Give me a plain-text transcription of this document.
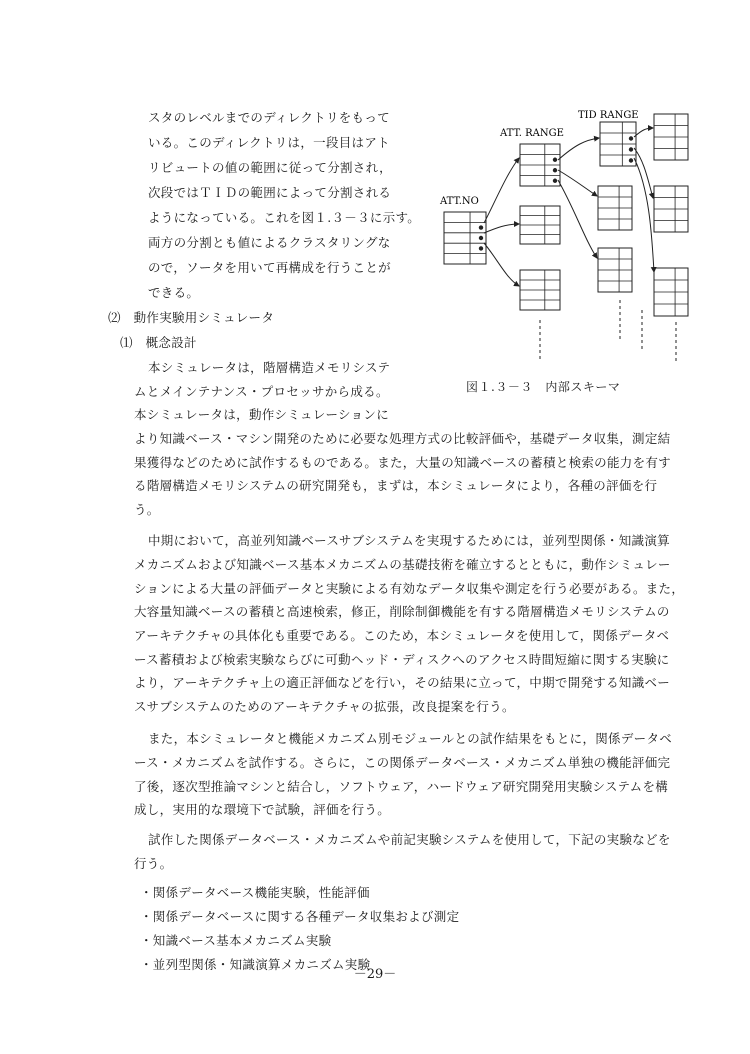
スタのレベルまでのディレクトリをもって
いる。このディレクトリは，一段目はアト
リビュートの値の範囲に従って分割され，
次段ではＴＩＤの範囲によって分割される
ようになっている。これを図１.３－３に示す。
両方の分割とも値によるクラスタリングな
ので，ソータを用いて再構成を行うことが
できる。
⑵　動作実験用シミュレータ
⑴　概念設計
本シミュレータは，階層構造メモリシステ
ムとメインテナンス・プロセッサから成る。
本シミュレータは，動作シミュレーションに
より知識ベース・マシン開発のために必要な処理方式の比較評価や，基礎データ収集，測定結
果獲得などのために試作するものである。また，大量の知識ベースの蓄積と検索の能力を有す
る階層構造メモリシステムの研究開発も，まずは，本シミュレータにより，各種の評価を行
う。
中期において，高並列知識ベースサブシステムを実現するためには，並列型関係・知識演算
メカニズムおよび知識ベース基本メカニズムの基礎技術を確立するとともに，動作シミュレー
ションによる大量の評価データと実験による有効なデータ収集や測定を行う必要がある。また，
大容量知識ベースの蓄積と高速検索，修正，削除制御機能を有する階層構造メモリシステムの
アーキテクチャの具体化も重要である。このため，本シミュレータを使用して，関係データベ
ース蓄積および検索実験ならびに可動ヘッド・ディスクへのアクセス時間短縮に関する実験に
より，アーキテクチャ上の適正評価などを行い，その結果に立って，中期で開発する知識ベー
スサブシステムのためのアーキテクチャの拡張，改良提案を行う。
また，本シミュレータと機能メカニズム別モジュールとの試作結果をもとに，関係データベ
ース・メカニズムを試作する。さらに，この関係データベース・メカニズム単独の機能評価完
了後，逐次型推論マシンと結合し，ソフトウェア，ハードウェア研究開発用実験システムを構
成し，実用的な環境下で試験，評価を行う。
試作した関係データベース・メカニズムや前記実験システムを使用して，下記の実験などを
行う。
・関係データベース機能実験，性能評価
・関係データベースに関する各種データ収集および測定
・知識ベース基本メカニズム実験
・並列型関係・知識演算メカニズム実験
ATT.NO
ATT. RANGE
TID RANGE
図１.３－３　内部スキーマ
－29－
